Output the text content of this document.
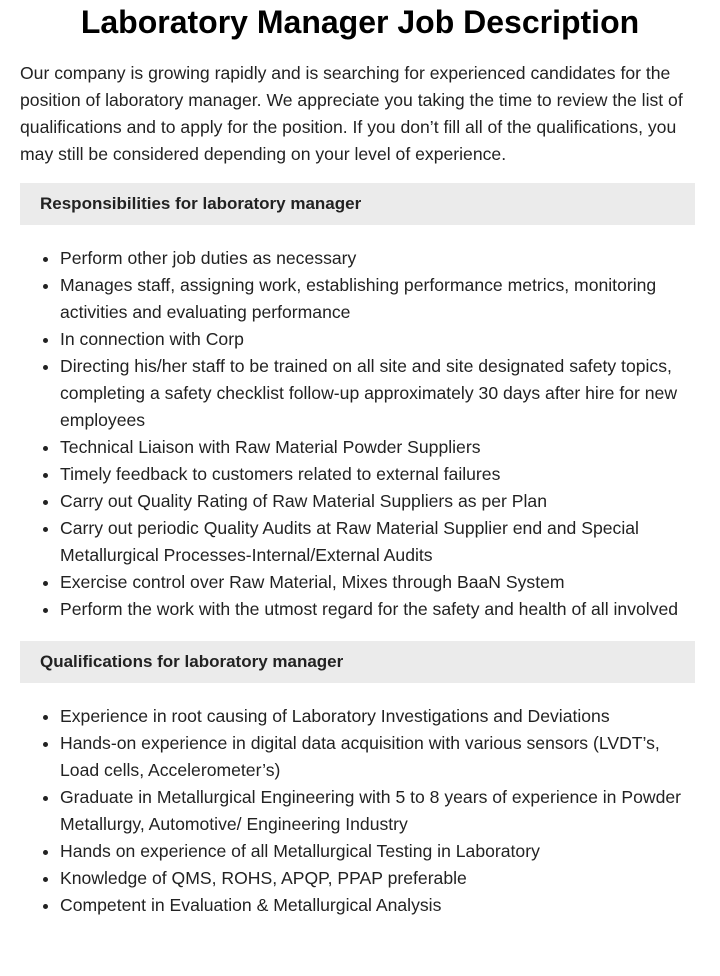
Laboratory Manager Job Description

Our company is growing rapidly and is searching for experienced candidates for the position of laboratory manager. We appreciate you taking the time to review the list of qualifications and to apply for the position. If you don’t fill all of the qualifications, you may still be considered depending on your level of experience.

Responsibilities for laboratory manager
• Perform other job duties as necessary
• Manages staff, assigning work, establishing performance metrics, monitoring activities and evaluating performance
• In connection with Corp
• Directing his/her staff to be trained on all site and site designated safety topics, completing a safety checklist follow-up approximately 30 days after hire for new employees
• Technical Liaison with Raw Material Powder Suppliers
• Timely feedback to customers related to external failures
• Carry out Quality Rating of Raw Material Suppliers as per Plan
• Carry out periodic Quality Audits at Raw Material Supplier end and Special Metallurgical Processes-Internal/External Audits
• Exercise control over Raw Material, Mixes through BaaN System
• Perform the work with the utmost regard for the safety and health of all involved
Qualifications for laboratory manager
• Experience in root causing of Laboratory Investigations and Deviations
• Hands-on experience in digital data acquisition with various sensors (LVDT’s, Load cells, Accelerometer’s)
• Graduate in Metallurgical Engineering with 5 to 8 years of experience in Powder Metallurgy, Automotive/ Engineering Industry
• Hands on experience of all Metallurgical Testing in Laboratory
• Knowledge of QMS, ROHS, APQP, PPAP preferable
• Competent in Evaluation & Metallurgical Analysis
